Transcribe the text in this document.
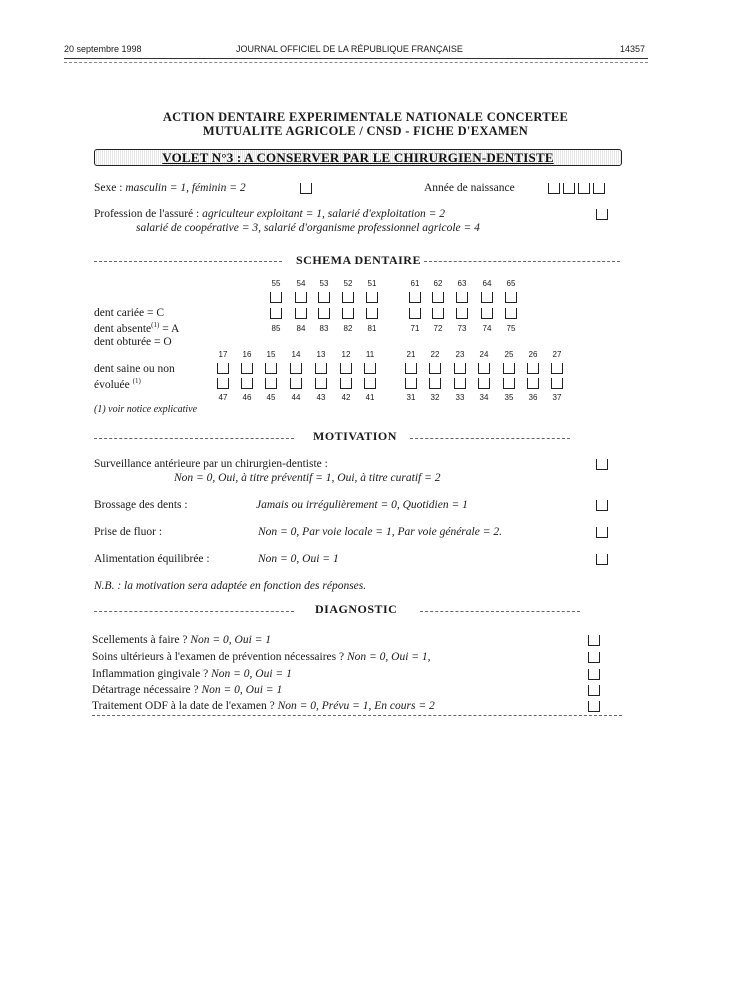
20 septembre 1998	JOURNAL OFFICIEL DE LA RÉPUBLIQUE FRANÇAISE	14357
ACTION DENTAIRE EXPERIMENTALE NATIONALE CONCERTEE
MUTUALITE AGRICOLE / CNSD - FICHE D'EXAMEN
VOLET N°3 : A CONSERVER PAR LE CHIRURGIEN-DENTISTE
Sexe : masculin = 1, féminin = 2	Année de naissance
Profession de l'assuré : agriculteur exploitant = 1, salarié d'exploitation = 2
salarié de coopérative = 3, salarié d'organisme professionnel agricole = 4
SCHEMA DENTAIRE
55	54	53	52	51	61	62	63	64	65
85	84	83	82	81	71	72	73	74	75
dent cariée = C
dent absente$^{(1)}$ = A
dent obturée = O
17	16	15	14	13	12	11	21	22	23	24	25	26	27
47	46	45	44	43	42	41	31	32	33	34	35	36	37
dent saine ou non
évoluée $^{(1)}$
(1) voir notice explicative
MOTIVATION
Surveillance antérieure par un chirurgien-dentiste :
Non = 0, Oui, à titre préventif = 1, Oui, à titre curatif = 2
Brossage des dents :	Jamais ou irrégulièrement = 0, Quotidien = 1
Prise de fluor :	Non = 0, Par voie locale = 1, Par voie générale = 2.
Alimentation équilibrée :	Non = 0, Oui = 1
N.B. : la motivation sera adaptée en fonction des réponses.
DIAGNOSTIC
Scellements à faire ? Non = 0, Oui = 1
Soins ultérieurs à l'examen de prévention nécessaires ? Non = 0, Oui = 1,
Inflammation gingivale ? Non = 0, Oui = 1
Détartrage nécessaire ? Non = 0, Oui = 1
Traitement ODF à la date de l'examen ? Non = 0, Prévu = 1, En cours = 2
